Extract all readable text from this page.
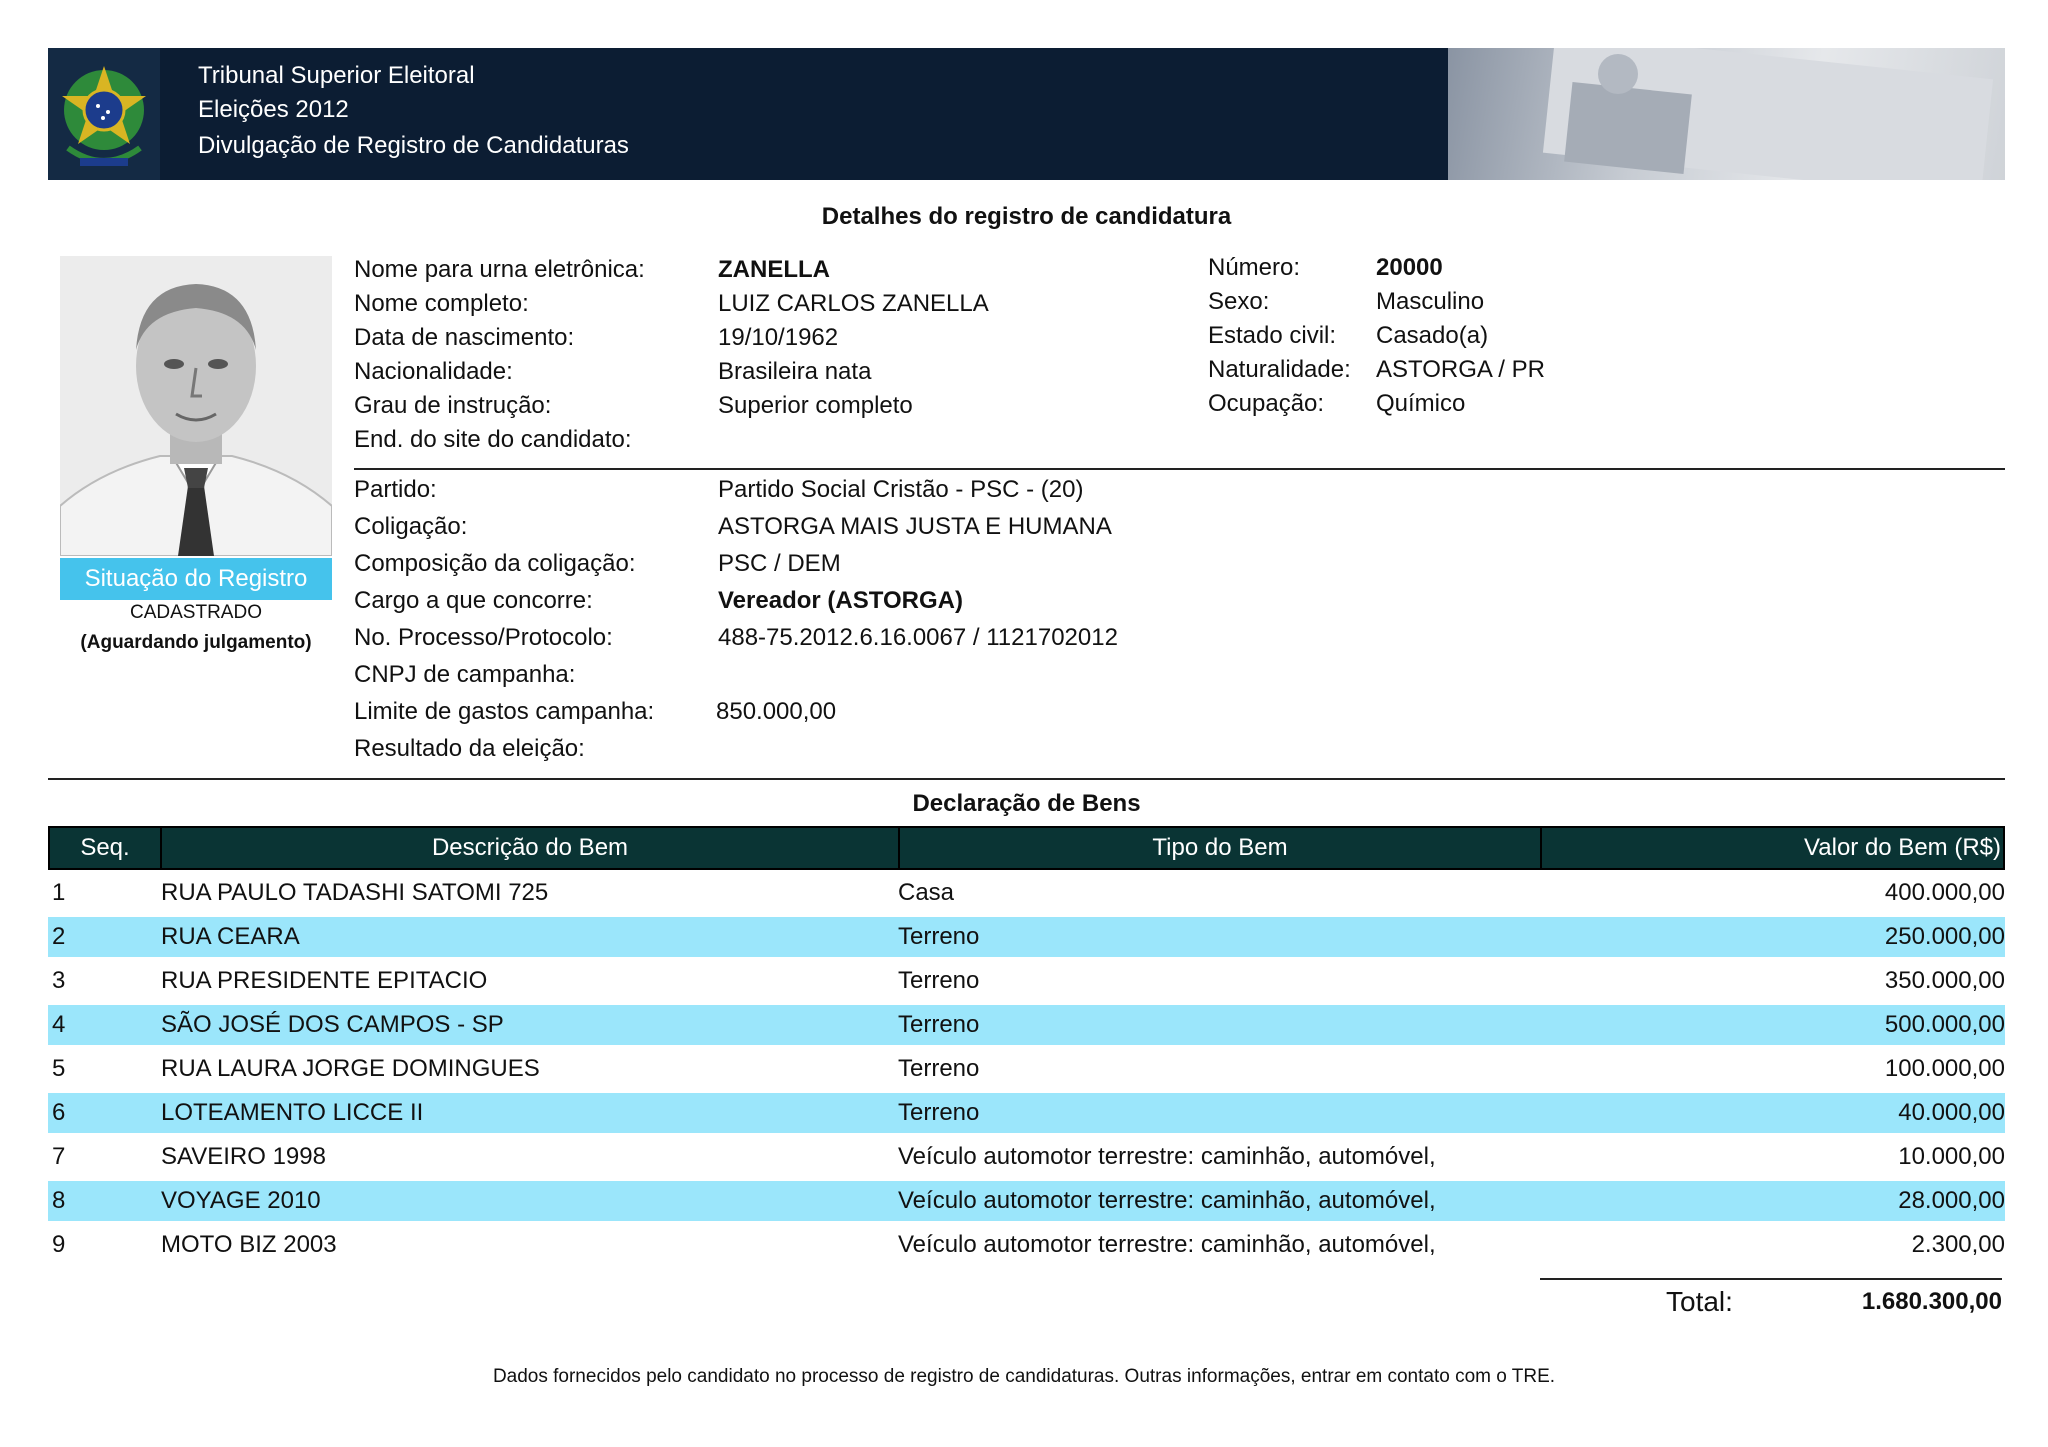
Tribunal Superior Eleitoral
Eleições 2012
Divulgação de Registro de Candidaturas
Detalhes do registro de candidatura
Situação do Registro
CADASTRADO
(Aguardando julgamento)
Nome para urna eletrônica:	ZANELLA
Nome completo:	LUIZ CARLOS ZANELLA
Data de nascimento:	19/10/1962
Nacionalidade:	Brasileira nata
Grau de instrução:	Superior completo
End. do site do candidato:
Número:	20000
Sexo:	Masculino
Estado civil: Casado(a)
Naturalidade: ASTORGA / PR
Ocupação: Químico
Partido:	Partido Social Cristão - PSC - (20)
Coligação:	ASTORGA MAIS JUSTA E HUMANA
Composição da coligação:	PSC / DEM
Cargo a que concorre:	Vereador (ASTORGA)
No. Processo/Protocolo:	488-75.2012.6.16.0067 / 1121702012
CNPJ de campanha:
Limite de gastos campanha:	850.000,00
Resultado da eleição:
Declaração de Bens
Seq.	Descrição do Bem	Tipo do Bem	Valor do Bem (R$)
1	RUA PAULO TADASHI SATOMI 725	Casa	400.000,00
2	RUA CEARA	Terreno	250.000,00
3	RUA PRESIDENTE EPITACIO	Terreno	350.000,00
4	SÃO JOSÉ DOS CAMPOS - SP	Terreno	500.000,00
5	RUA LAURA JORGE DOMINGUES	Terreno	100.000,00
6	LOTEAMENTO LICCE II	Terreno	40.000,00
7	SAVEIRO 1998	Veículo automotor terrestre: caminhão, automóvel,	10.000,00
8	VOYAGE 2010	Veículo automotor terrestre: caminhão, automóvel,	28.000,00
9	MOTO BIZ 2003	Veículo automotor terrestre: caminhão, automóvel,	2.300,00
Total:	1.680.300,00
Dados fornecidos pelo candidato no processo de registro de candidaturas. Outras informações, entrar em contato com o TRE.
